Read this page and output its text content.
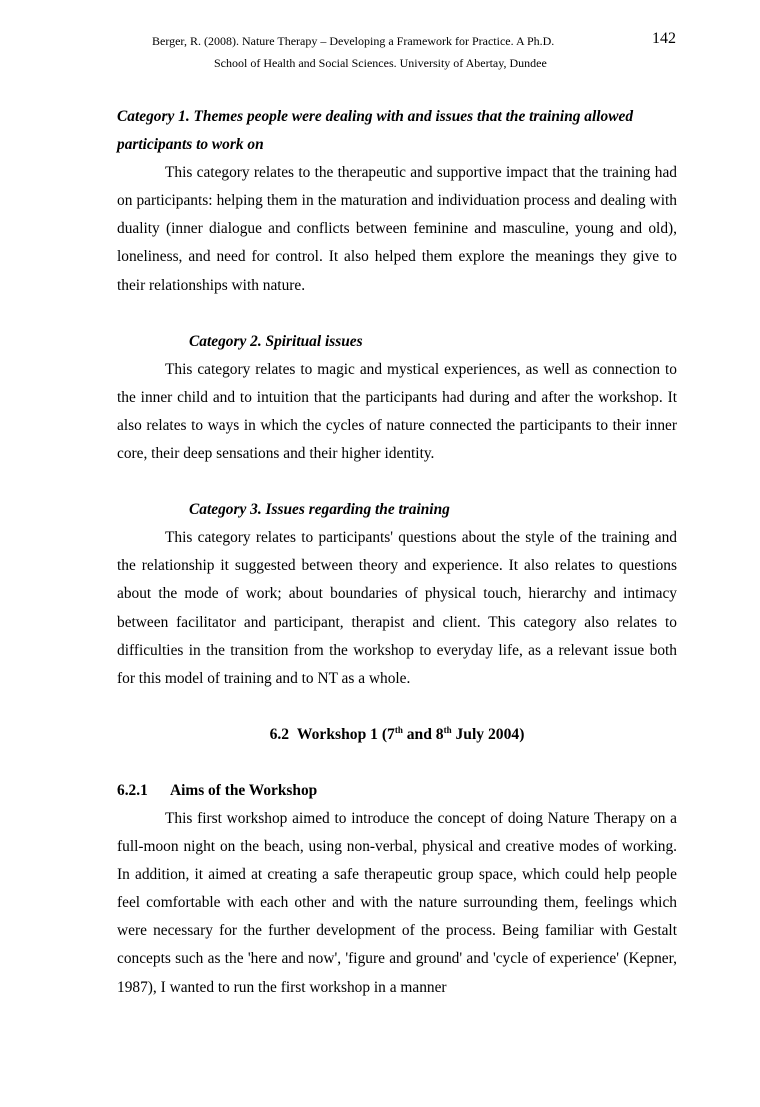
Berger, R. (2008). Nature Therapy – Developing a Framework for Practice. A Ph.D.	142
School of Health and Social Sciences. University of Abertay, Dundee

Category 1. Themes people were dealing with and issues that the training allowed participants to work on

This category relates to the therapeutic and supportive impact that the training had on participants: helping them in the maturation and individuation process and dealing with duality (inner dialogue and conflicts between feminine and masculine, young and old), loneliness, and need for control. It also helped them explore the meanings they give to their relationships with nature.

Category 2. Spiritual issues

This category relates to magic and mystical experiences, as well as connection to the inner child and to intuition that the participants had during and after the workshop. It also relates to ways in which the cycles of nature connected the participants to their inner core, their deep sensations and their higher identity.

Category 3. Issues regarding the training

This category relates to participants' questions about the style of the training and the relationship it suggested between theory and experience. It also relates to questions about the mode of work; about boundaries of physical touch, hierarchy and intimacy between facilitator and participant, therapist and client. This category also relates to difficulties in the transition from the workshop to everyday life, as a relevant issue both for this model of training and to NT as a whole.

6.2 Workshop 1 (7th and 8th July 2004)

6.2.1 Aims of the Workshop

This first workshop aimed to introduce the concept of doing Nature Therapy on a full-moon night on the beach, using non-verbal, physical and creative modes of working. In addition, it aimed at creating a safe therapeutic group space, which could help people feel comfortable with each other and with the nature surrounding them, feelings which were necessary for the further development of the process. Being familiar with Gestalt concepts such as the 'here and now', 'figure and ground' and 'cycle of experience' (Kepner, 1987), I wanted to run the first workshop in a manner
